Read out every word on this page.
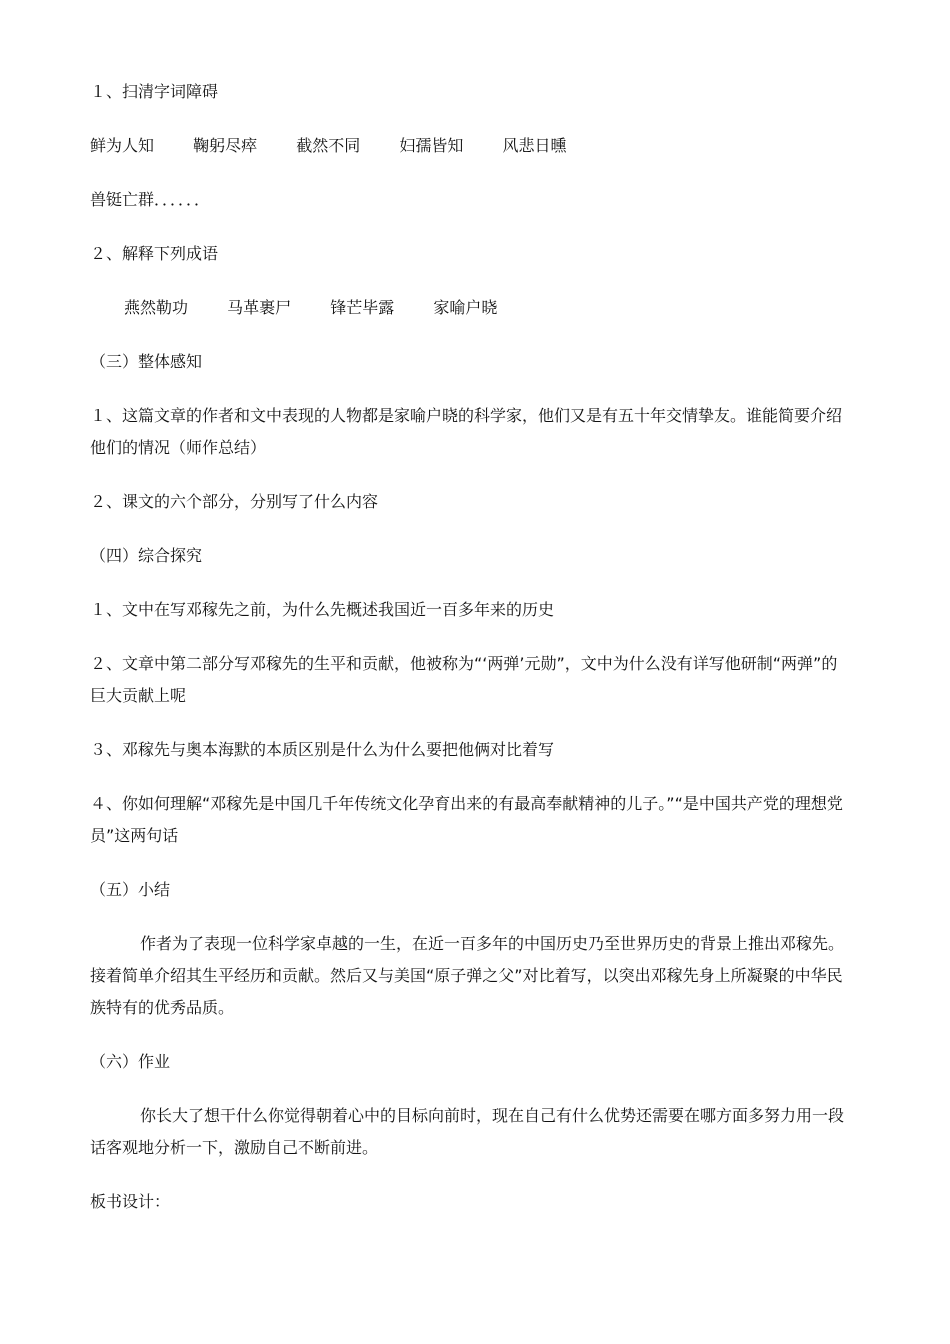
１、扫清字词障碍
鲜为人知 鞠躬尽瘁 截然不同 妇孺皆知 风悲日曛
兽铤亡群．．．．．．
２、解释下列成语
燕然勒功 马革裹尸 锋芒毕露 家喻户晓
（三）整体感知
１、这篇文章的作者和文中表现的人物都是家喻户晓的科学家，他们又是有五十年交情挚友。谁能简要介绍他们的情况（师作总结）
２、课文的六个部分，分别写了什么内容
（四）综合探究
１、文中在写邓稼先之前，为什么先概述我国近一百多年来的历史
２、文章中第二部分写邓稼先的生平和贡献，他被称为“‘两弹’元勋”，文中为什么没有详写他研制“两弹”的巨大贡献上呢
３、邓稼先与奥本海默的本质区别是什么为什么要把他俩对比着写
４、你如何理解“邓稼先是中国几千年传统文化孕育出来的有最高奉献精神的儿子。”“是中国共产党的理想党员”这两句话
（五）小结
作者为了表现一位科学家卓越的一生，在近一百多年的中国历史乃至世界历史的背景上推出邓稼先。接着简单介绍其生平经历和贡献。然后又与美国“原子弹之父”对比着写，以突出邓稼先身上所凝聚的中华民族特有的优秀品质。
（六）作业
你长大了想干什么你觉得朝着心中的目标向前时，现在自己有什么优势还需要在哪方面多努力用一段话客观地分析一下，激励自己不断前进。
板书设计：
